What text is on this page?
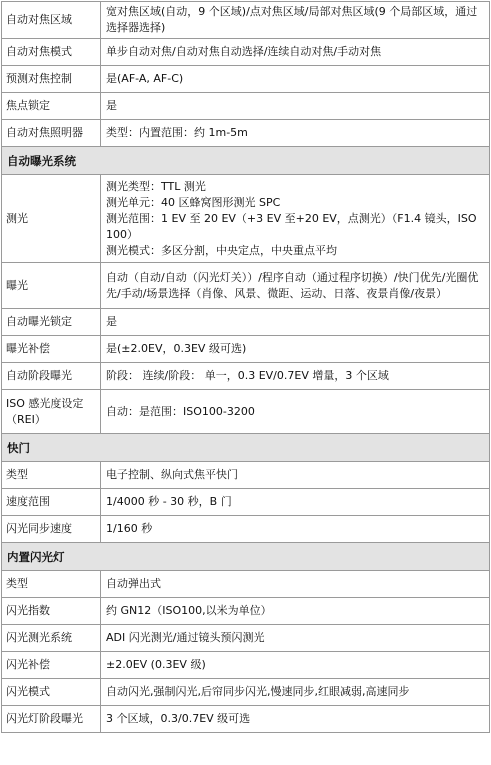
自动对焦区域	宽对焦区域(自动，9 个区域)/点对焦区域/局部对焦区域(9 个局部区域，通过选择器选择)
自动对焦模式	单步自动对焦/自动对焦自动选择/连续自动对焦/手动对焦
预测对焦控制	是(AF-A, AF-C)
焦点锁定	是
自动对焦照明器	类型：内置范围：约 1m-5m
自动曝光系统	
测光	测光类型：TTL 测光
测光单元：40 区蜂窝图形测光 SPC
测光范围：1 EV 至 20 EV（+3 EV 至+20 EV，点测光）（F1.4 镜头，ISO 100）
测光模式：多区分割，中央定点，中央重点平均

曝光	自动（自动/自动（闪光灯关））/程序自动（通过程序切换）/快门优先/光圈优先/手动/场景选择（肖像、风景、微距、运动、日落、夜景肖像/夜景）
自动曝光锁定	是
曝光补偿	是(±2.0EV，0.3EV 级可选)
自动阶段曝光	阶段： 连续/阶段： 单一，0.3 EV/0.7EV 增量，3 个区域
ISO 感光度设定（REI）	自动：是范围：ISO100-3200
快门	
类型	电子控制、纵向式焦平快门
速度范围	1/4000 秒 - 30 秒，B 门
闪光同步速度	1/160 秒
内置闪光灯	
类型	自动弹出式
闪光指数	约 GN12（ISO100,以米为单位）
闪光测光系统	ADI 闪光测光/通过镜头预闪测光
闪光补偿	±2.0EV (0.3EV 级)
闪光模式	自动闪光,强制闪光,后帘同步闪光,慢速同步,红眼减弱,高速同步
闪光灯阶段曝光	3 个区域，0.3/0.7EV 级可选
